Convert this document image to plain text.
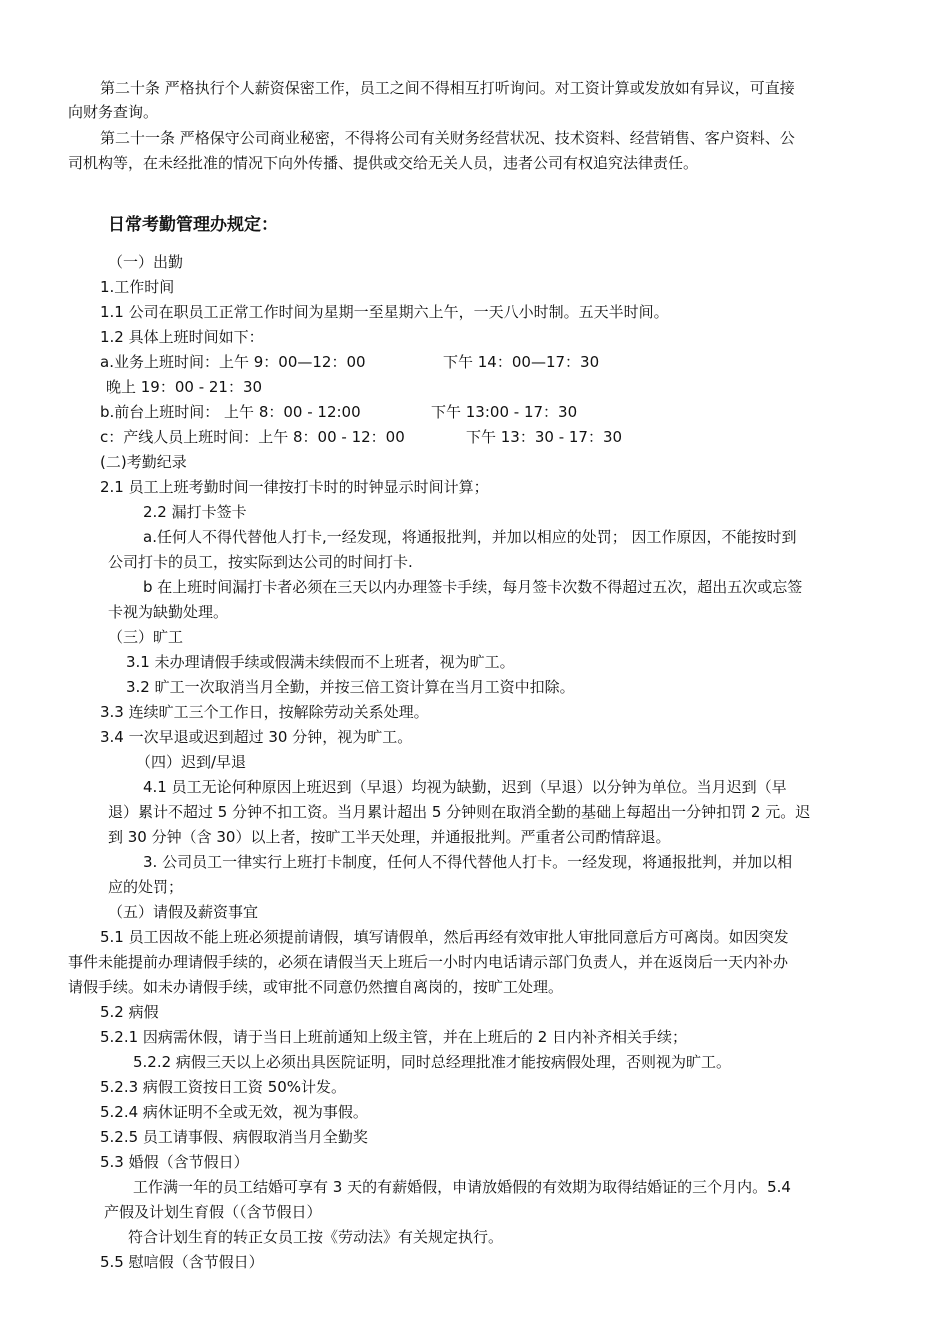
第二十条 严格执行个人薪资保密工作，员工之间不得相互打听询问。对工资计算或发放如有异议，可直接
向财务查询。
第二十一条 严格保守公司商业秘密，不得将公司有关财务经营状况、技术资料、经营销售、客户资料、公
司机构等，在未经批准的情况下向外传播、提供或交给无关人员，违者公司有权追究法律责任。
日常考勤管理办规定：
（一）出勤
1.工作时间
1.1 公司在职员工正常工作时间为星期一至星期六上午，一天八小时制。五天半时间。
1.2 具体上班时间如下：
a.业务上班时间：上午 9：00—12：00	下午 14：00—17：30
晚上 19：00 - 21：30
b.前台上班时间： 上午 8：00 - 12:00	下午 13:00 - 17：30
c：产线人员上班时间：上午 8：00 - 12：00	下午 13：30 - 17：30
(二)考勤纪录
2.1 员工上班考勤时间一律按打卡时的时钟显示时间计算；
2.2 漏打卡签卡
a.任何人不得代替他人打卡,一经发现，将通报批判，并加以相应的处罚； 因工作原因，不能按时到
公司打卡的员工，按实际到达公司的时间打卡.
b 在上班时间漏打卡者必须在三天以内办理签卡手续，每月签卡次数不得超过五次，超出五次或忘签
卡视为缺勤处理。
（三）旷工
3.1 未办理请假手续或假满未续假而不上班者，视为旷工。
3.2 旷工一次取消当月全勤，并按三倍工资计算在当月工资中扣除。
3.3 连续旷工三个工作日，按解除劳动关系处理。
3.4 一次早退或迟到超过 30 分钟，视为旷工。
（四）迟到/早退
4.1 员工无论何种原因上班迟到（早退）均视为缺勤，迟到（早退）以分钟为单位。当月迟到（早
退）累计不超过 5 分钟不扣工资。当月累计超出 5 分钟则在取消全勤的基础上每超出一分钟扣罚 2 元。迟
到 30 分钟（含 30）以上者，按旷工半天处理，并通报批判。严重者公司酌情辞退。
3. 公司员工一律实行上班打卡制度，任何人不得代替他人打卡。一经发现，将通报批判，并加以相
应的处罚；
（五）请假及薪资事宜
5.1 员工因故不能上班必须提前请假，填写请假单，然后再经有效审批人审批同意后方可离岗。如因突发
事件未能提前办理请假手续的，必须在请假当天上班后一小时内电话请示部门负责人，并在返岗后一天内补办
请假手续。如未办请假手续，或审批不同意仍然擅自离岗的，按旷工处理。
5.2 病假
5.2.1 因病需休假，请于当日上班前通知上级主管，并在上班后的 2 日内补齐相关手续；
5.2.2 病假三天以上必须出具医院证明，同时总经理批准才能按病假处理，否则视为旷工。
5.2.3 病假工资按日工资 50%计发。
5.2.4 病休证明不全或无效，视为事假。
5.2.5 员工请事假、病假取消当月全勤奖
5.3 婚假（含节假日）
工作满一年的员工结婚可享有 3 天的有薪婚假，申请放婚假的有效期为取得结婚证的三个月内。5.4
产假及计划生育假（（含节假日）
符合计划生育的转正女员工按《劳动法》有关规定执行。
5.5 慰唁假（含节假日）
